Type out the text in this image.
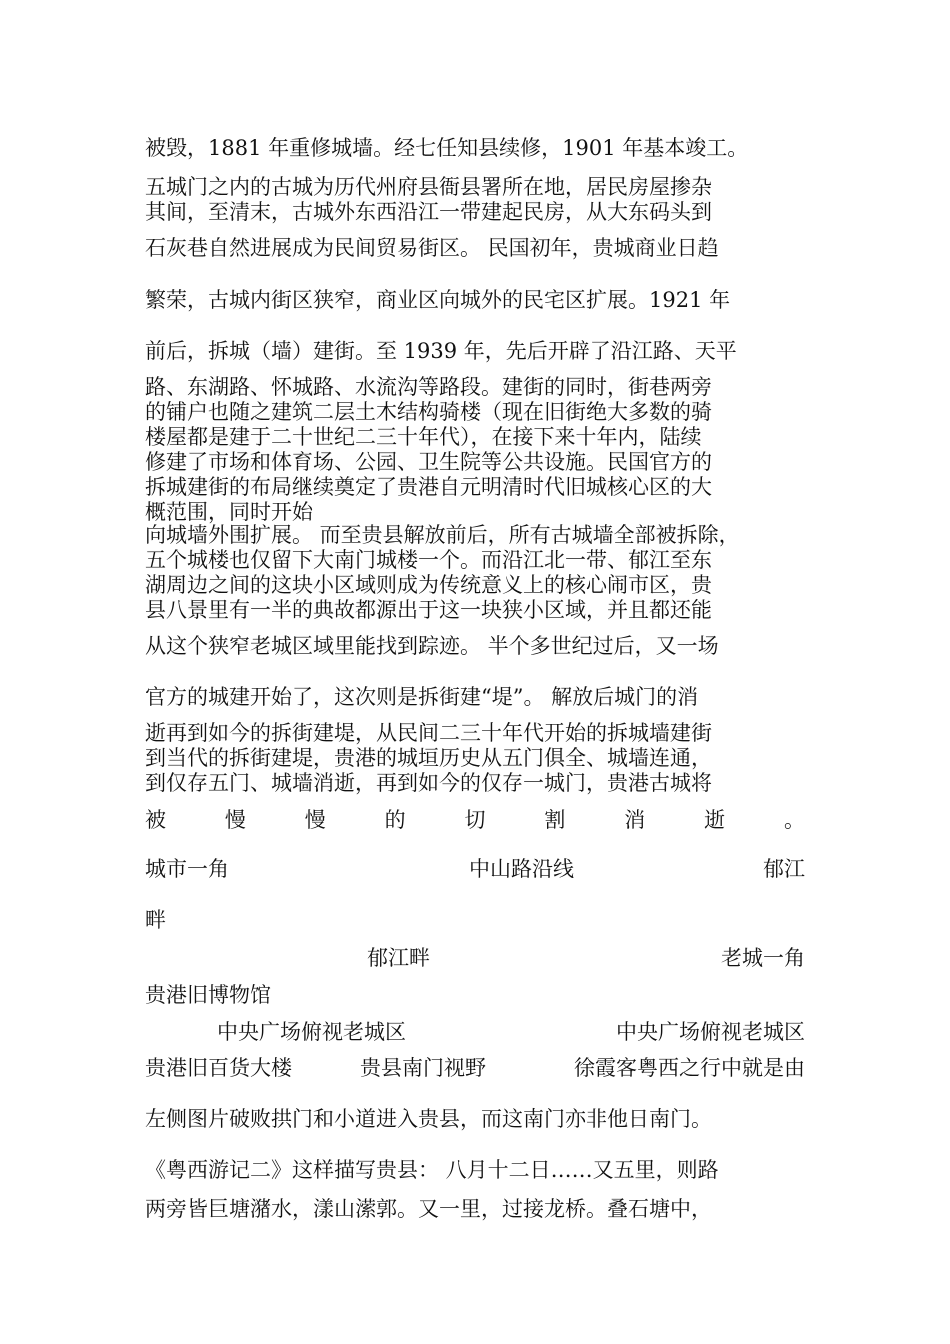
被毁，1881 年重修城墙。经七任知县续修，1901 年基本竣工。

五城门之内的古城为历代州府县衙县署所在地，居民房屋掺杂

其间，至清末，古城外东西沿江一带建起民房，从大东码头到

石灰巷自然进展成为民间贸易街区。 民国初年，贵城商业日趋

繁荣，古城内街区狭窄，商业区向城外的民宅区扩展。1921 年

前后，拆城（墙）建街。至 1939 年，先后开辟了沿江路、天平

路、东湖路、怀城路、水流沟等路段。建街的同时，街巷两旁

的铺户也随之建筑二层土木结构骑楼（现在旧街绝大多数的骑

楼屋都是建于二十世纪二三十年代），在接下来十年内，陆续

修建了市场和体育场、公园、卫生院等公共设施。民国官方的

拆城建街的布局继续奠定了贵港自元明清时代旧城核心区的大

概范围，同时开始

向城墙外围扩展。 而至贵县解放前后，所有古城墙全部被拆除，

五个城楼也仅留下大南门城楼一个。而沿江北一带、郁江至东

湖周边之间的这块小区域则成为传统意义上的核心闹市区，贵

县八景里有一半的典故都源出于这一块狭小区域，并且都还能

从这个狭窄老城区域里能找到踪迹。 半个多世纪过后，又一场

官方的城建开始了，这次则是拆街建“堤”。 解放后城门的消

逝再到如今的拆街建堤，从民间二三十年代开始的拆城墙建街

到当代的拆街建堤，贵港的城垣历史从五门俱全、城墙连通，

到仅存五门、城墙消逝，再到如今的仅存一城门，贵港古城将

被	慢	慢	的	切	割	消	逝	。
城市一角	中山路沿线	郁江
畔
郁江畔	老城一角
贵港旧博物馆
中央广场俯视老城区	中央广场俯视老城区
贵港旧百货大楼	贵县南门视野	徐霞客粤西之行中就是由

左侧图片破败拱门和小道进入贵县，而这南门亦非他日南门。

《粤西游记二》这样描写贵县： 八月十二日……又五里，则路

两旁皆巨塘潴水，漾山潆郭。又一里，过接龙桥。叠石塘中，
